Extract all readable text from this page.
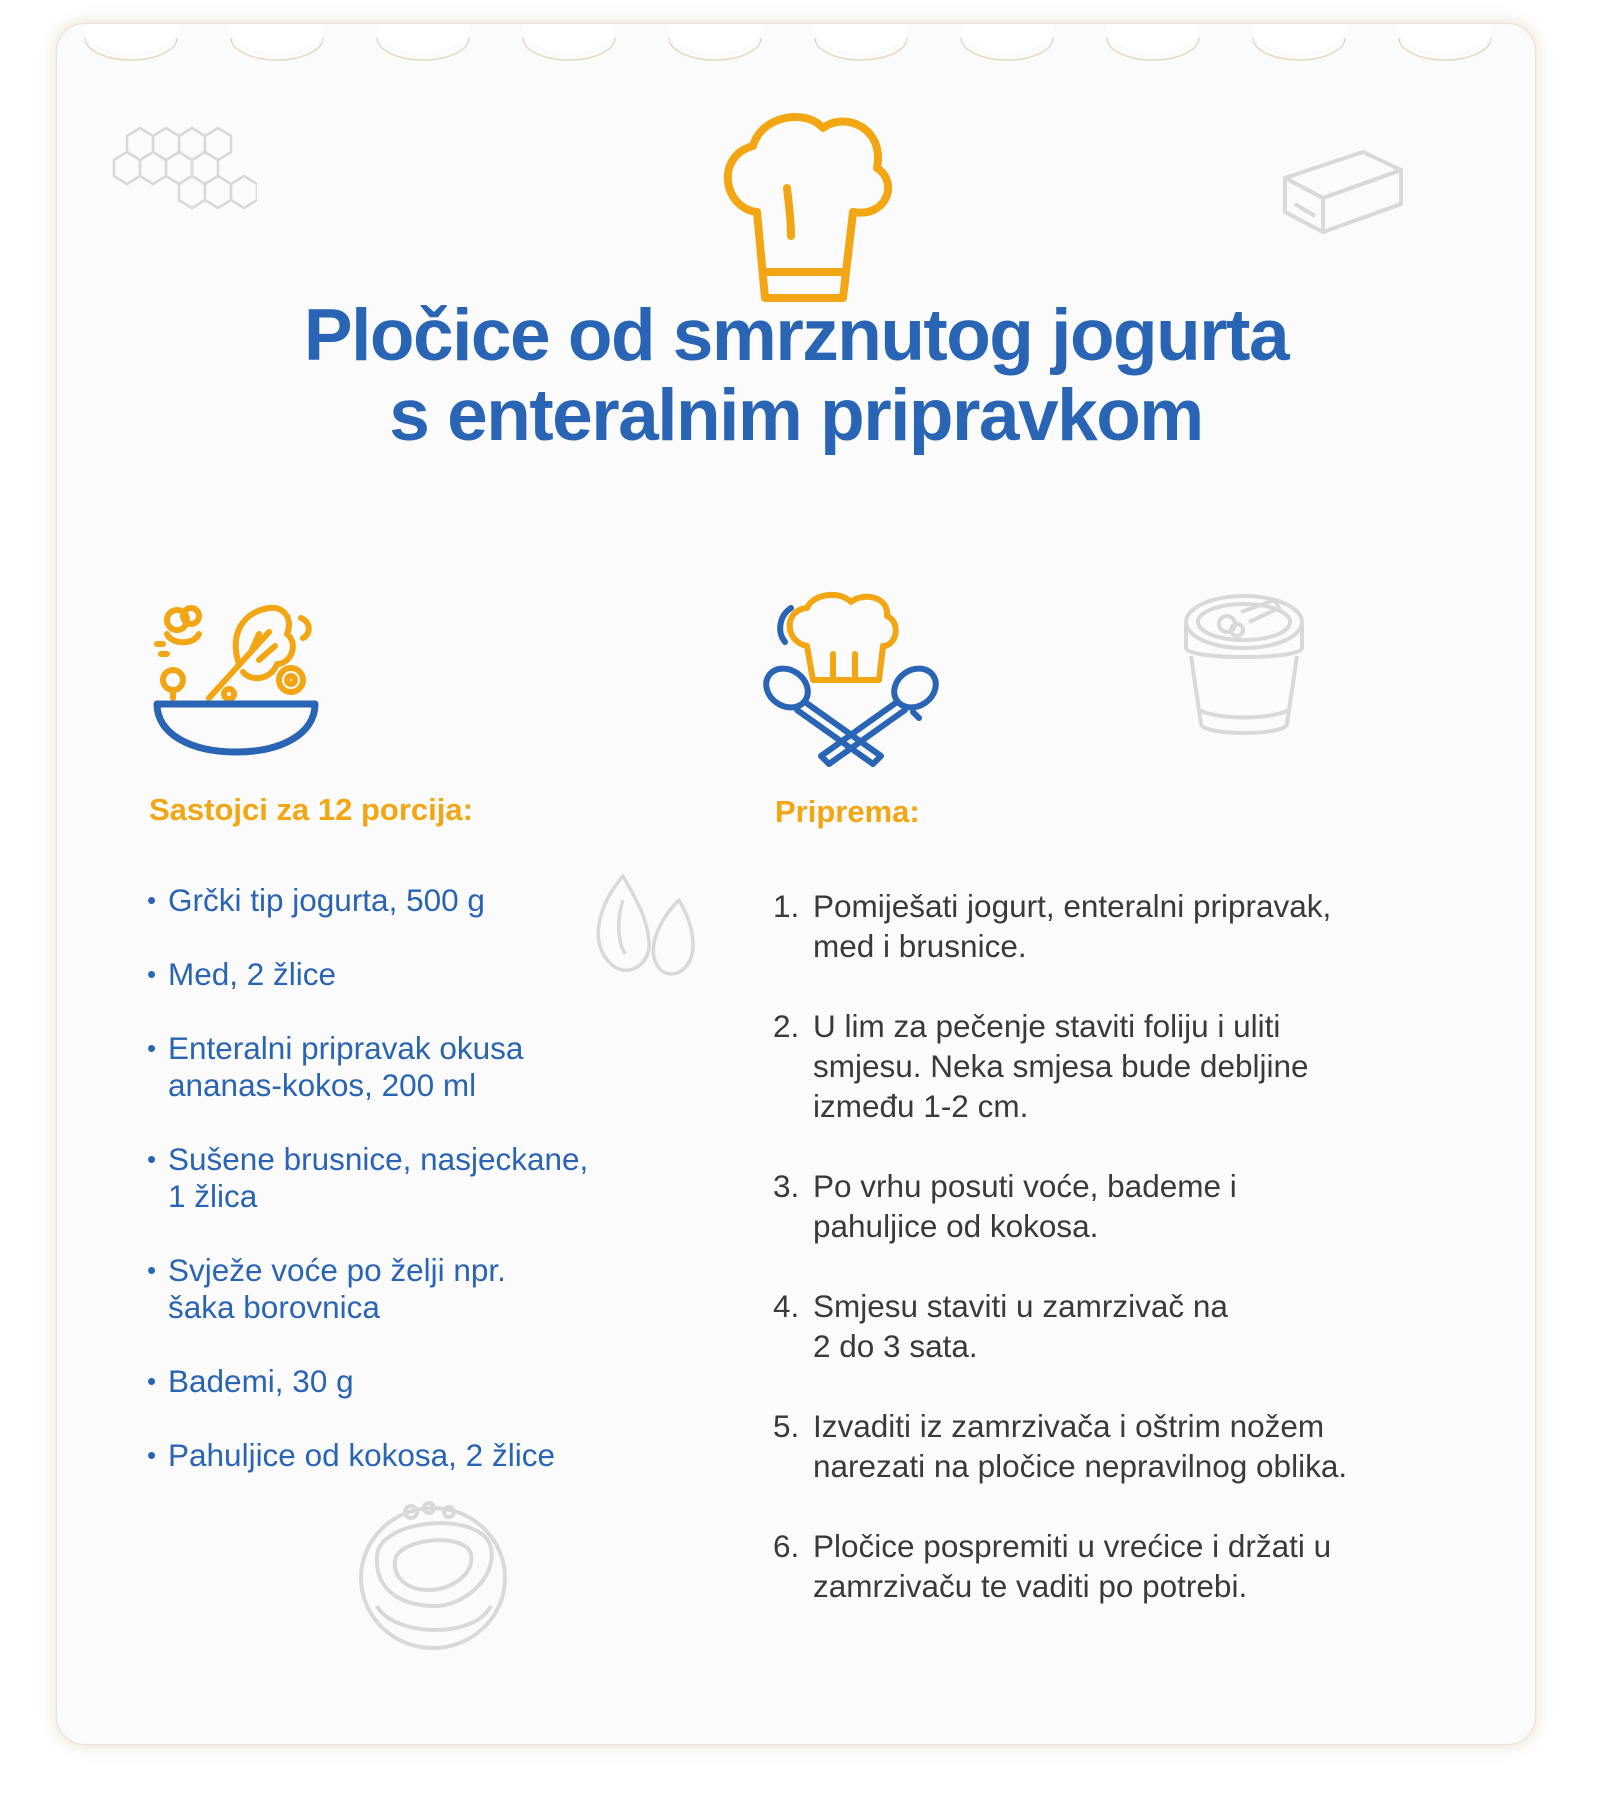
Pločice od smrznutog jogurta
s enteralnim pripravkom
Sastojci za 12 porcija:
• Grčki tip jogurta, 500 g
• Med, 2 žlice
• Enteralni pripravak okusa
ananas-kokos, 200 ml
• Sušene brusnice, nasjeckane,
1 žlica
• Svježe voće po želji npr.
šaka borovnica
• Bademi, 30 g
• Pahuljice od kokosa, 2 žlice
Priprema:
1. Pomiješati jogurt, enteralni pripravak,
med i brusnice.
2. U lim za pečenje staviti foliju i uliti
smjesu. Neka smjesa bude debljine
između 1-2 cm.
3. Po vrhu posuti voće, bademe i
pahuljice od kokosa.
4. Smjesu staviti u zamrzivač na
2 do 3 sata.
5. Izvaditi iz zamrzivača i oštrim nožem
narezati na pločice nepravilnog oblika.
6. Pločice pospremiti u vrećice i držati u
zamrzivaču te vaditi po potrebi.
